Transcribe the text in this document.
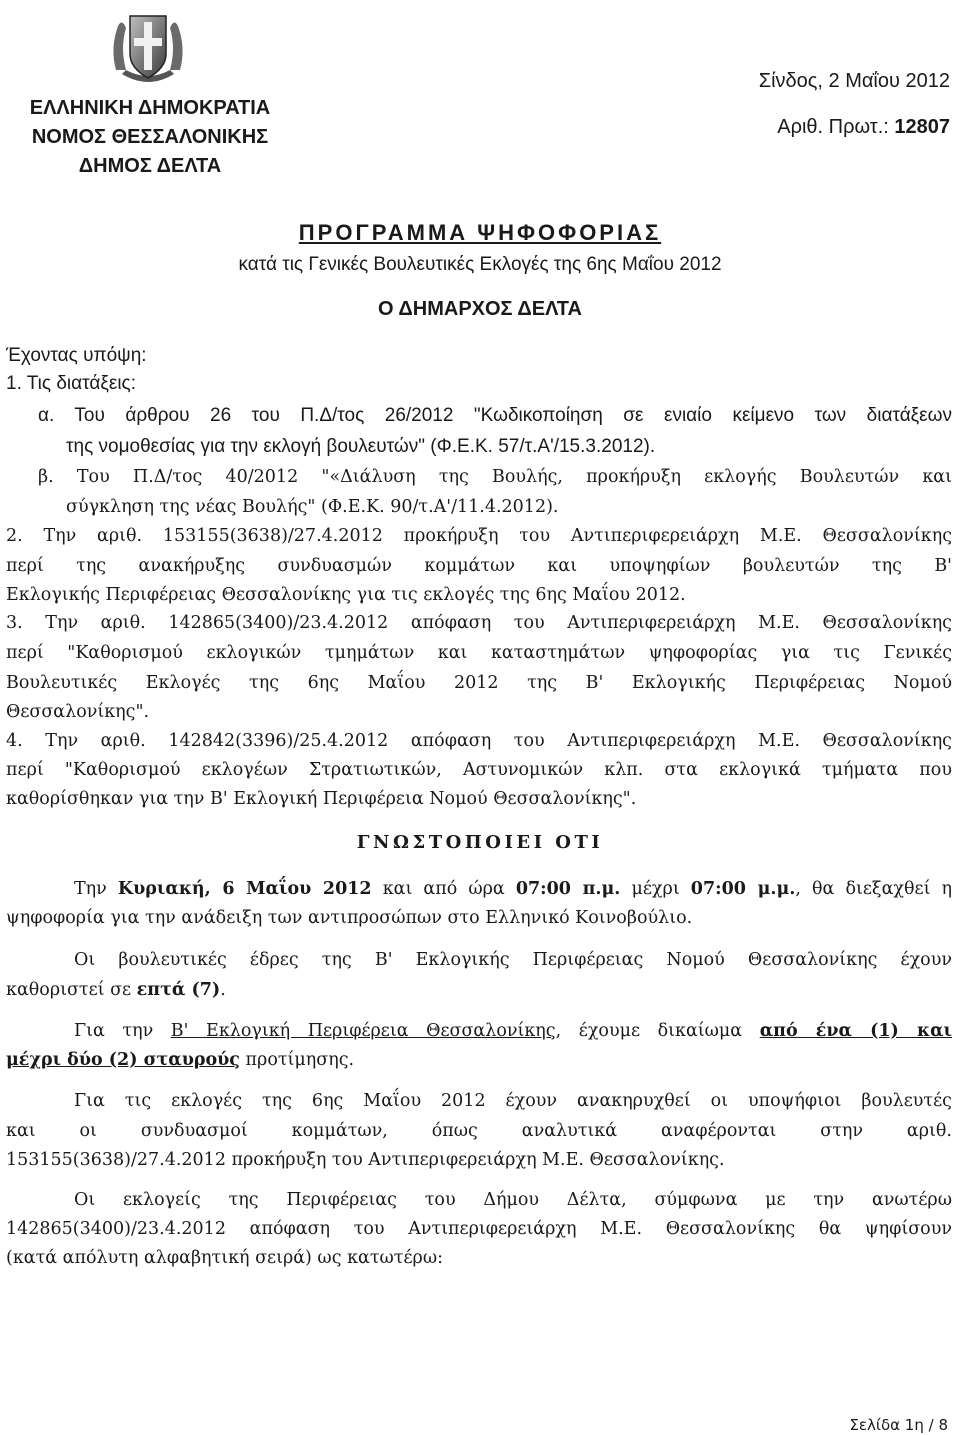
ΕΛΛΗΝΙΚΗ ΔΗΜΟΚΡΑΤΙΑ
ΝΟΜΟΣ ΘΕΣΣΑΛΟΝΙΚΗΣ
ΔΗΜΟΣ ΔΕΛΤΑ
Σίνδος, 2 Μαΐου 2012
Αριθ. Πρωτ.: 12807
ΠΡΟΓΡΑΜΜΑ ΨΗΦΟΦΟΡΙΑΣ
κατά τις Γενικές Βουλευτικές Εκλογές της 6ης Μαΐου 2012
Ο ΔΗΜΑΡΧΟΣ ΔΕΛΤΑ
Έχοντας υπόψη:
1. Τις διατάξεις:
α. Του άρθρου 26 του Π.Δ/τος 26/2012 "Κωδικοποίηση σε ενιαίο κείμενο των διατάξεων
της νομοθεσίας για την εκλογή βουλευτών" (Φ.Ε.Κ. 57/τ.Α'/15.3.2012).
β. Του Π.Δ/τος 40/2012 "«Διάλυση της Βουλής, προκήρυξη εκλογής Βουλευτών και
σύγκληση της νέας Βουλής" (Φ.Ε.Κ. 90/τ.Α'/11.4.2012).
2. Την αριθ. 153155(3638)/27.4.2012 προκήρυξη του Αντιπεριφερειάρχη Μ.Ε. Θεσσαλονίκης
περί της ανακήρυξης συνδυασμών κομμάτων και υποψηφίων βουλευτών της Β'
Εκλογικής Περιφέρειας Θεσσαλονίκης για τις εκλογές της 6ης Μαΐου 2012.
3. Την αριθ. 142865(3400)/23.4.2012 απόφαση του Αντιπεριφερειάρχη Μ.Ε. Θεσσαλονίκης
περί "Καθορισμού εκλογικών τμημάτων και καταστημάτων ψηφοφορίας για τις Γενικές
Βουλευτικές Εκλογές της 6ης Μαΐου 2012 της Β' Εκλογικής Περιφέρειας Νομού
Θεσσαλονίκης".
4. Την αριθ. 142842(3396)/25.4.2012 απόφαση του Αντιπεριφερειάρχη Μ.Ε. Θεσσαλονίκης
περί "Καθορισμού εκλογέων Στρατιωτικών, Αστυνομικών κλπ. στα εκλογικά τμήματα που
καθορίσθηκαν για την Β' Εκλογική Περιφέρεια Νομού Θεσσαλονίκης".
ΓΝΩΣΤΟΠΟΙΕΙ ΟΤΙ
Την Κυριακή, 6 Μαΐου 2012 και από ώρα 07:00 π.μ. μέχρι 07:00 μ.μ., θα διεξαχθεί η
ψηφοφορία για την ανάδειξη των αντιπροσώπων στο Ελληνικό Κοινοβούλιο.
Οι βουλευτικές έδρες της Β' Εκλογικής Περιφέρειας Νομού Θεσσαλονίκης έχουν
καθοριστεί σε επτά (7).
Για την Β' Εκλογική Περιφέρεια Θεσσαλονίκης, έχουμε δικαίωμα από ένα (1) και
μέχρι δύο (2) σταυρούς προτίμησης.
Για τις εκλογές της 6ης Μαΐου 2012 έχουν ανακηρυχθεί οι υποψήφιοι βουλευτές
και οι συνδυασμοί κομμάτων, όπως αναλυτικά αναφέρονται στην αριθ.
153155(3638)/27.4.2012 προκήρυξη του Αντιπεριφερειάρχη Μ.Ε. Θεσσαλονίκης.
Οι εκλογείς της Περιφέρειας του Δήμου Δέλτα, σύμφωνα με την ανωτέρω
142865(3400)/23.4.2012 απόφαση του Αντιπεριφερειάρχη Μ.Ε. Θεσσαλονίκης θα ψηφίσουν
(κατά απόλυτη αλφαβητική σειρά) ως κατωτέρω:
Σελίδα 1η / 8
